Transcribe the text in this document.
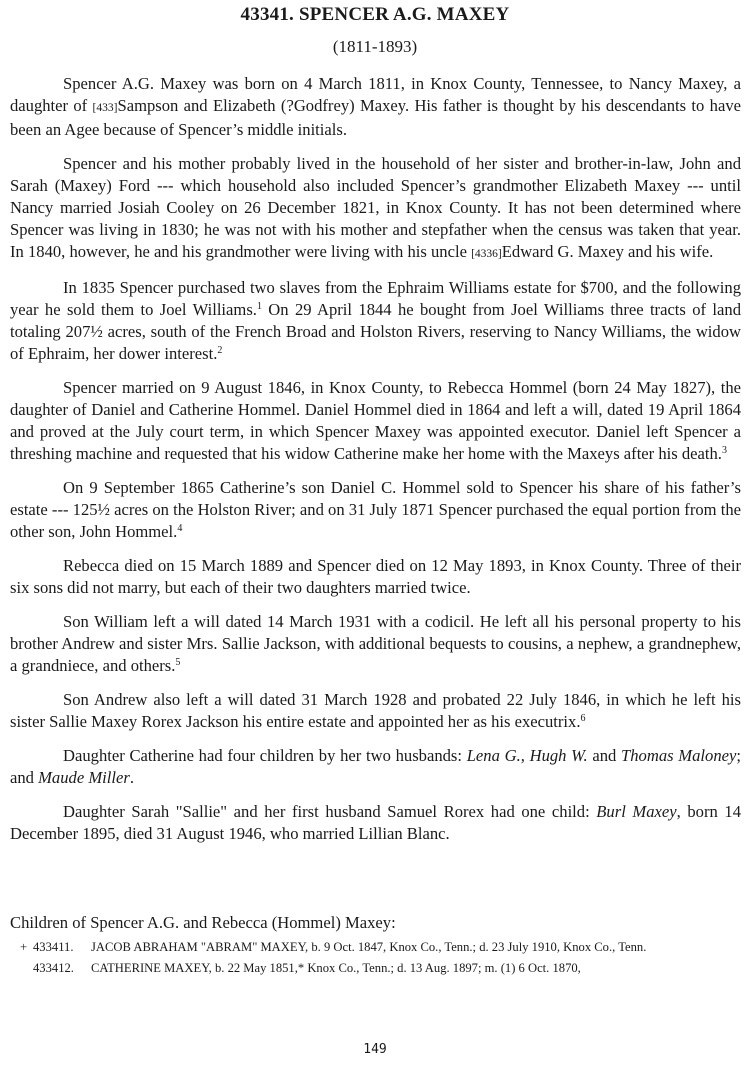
43341. SPENCER A.G. MAXEY
(1811-1893)

Spencer A.G. Maxey was born on 4 March 1811, in Knox County, Tennessee, to Nancy Maxey, a daughter of [433]Sampson and Elizabeth (?Godfrey) Maxey. His father is thought by his descendants to have been an Agee because of Spencer’s middle initials.

Spencer and his mother probably lived in the household of her sister and brother-in-law, John and Sarah (Maxey) Ford --- which household also included Spencer’s grandmother Elizabeth Maxey --- until Nancy married Josiah Cooley on 26 December 1821, in Knox County. It has not been determined where Spencer was living in 1830; he was not with his mother and stepfather when the census was taken that year. In 1840, however, he and his grandmother were living with his uncle [4336]Edward G. Maxey and his wife.

In 1835 Spencer purchased two slaves from the Ephraim Williams estate for $700, and the following year he sold them to Joel Williams.$^1$ On 29 April 1844 he bought from Joel Williams three tracts of land totaling 207½ acres, south of the French Broad and Holston Rivers, reserving to Nancy Williams, the widow of Ephraim, her dower interest.$^2$

Spencer married on 9 August 1846, in Knox County, to Rebecca Hommel (born 24 May 1827), the daughter of Daniel and Catherine Hommel. Daniel Hommel died in 1864 and left a will, dated 19 April 1864 and proved at the July court term, in which Spencer Maxey was appointed executor. Daniel left Spencer a threshing machine and requested that his widow Catherine make her home with the Maxeys after his death.$^3$

On 9 September 1865 Catherine’s son Daniel C. Hommel sold to Spencer his share of his father’s estate --- 125½ acres on the Holston River; and on 31 July 1871 Spencer purchased the equal portion from the other son, John Hommel.$^4$

Rebecca died on 15 March 1889 and Spencer died on 12 May 1893, in Knox County. Three of their six sons did not marry, but each of their two daughters married twice.

Son William left a will dated 14 March 1931 with a codicil. He left all his personal property to his brother Andrew and sister Mrs. Sallie Jackson, with additional bequests to cousins, a nephew, a grandnephew, a grandniece, and others.$^5$

Son Andrew also left a will dated 31 March 1928 and probated 22 July 1846, in which he left his sister Sallie Maxey Rorex Jackson his entire estate and appointed her as his executrix.$^6$

Daughter Catherine had four children by her two husbands: Lena G., Hugh W. and Thomas Maloney; and Maude Miller.

Daughter Sarah "Sallie" and her first husband Samuel Rorex had one child: Burl Maxey, born 14 December 1895, died 31 August 1946, who married Lillian Blanc.

Children of Spencer A.G. and Rebecca (Hommel) Maxey:
+ 433411. JACOB ABRAHAM "ABRAM" MAXEY, b. 9 Oct. 1847, Knox Co., Tenn.; d. 23 July 1910, Knox Co., Tenn.
433412. CATHERINE MAXEY, b. 22 May 1851,* Knox Co., Tenn.; d. 13 Aug. 1897; m. (1) 6 Oct. 1870,
149
